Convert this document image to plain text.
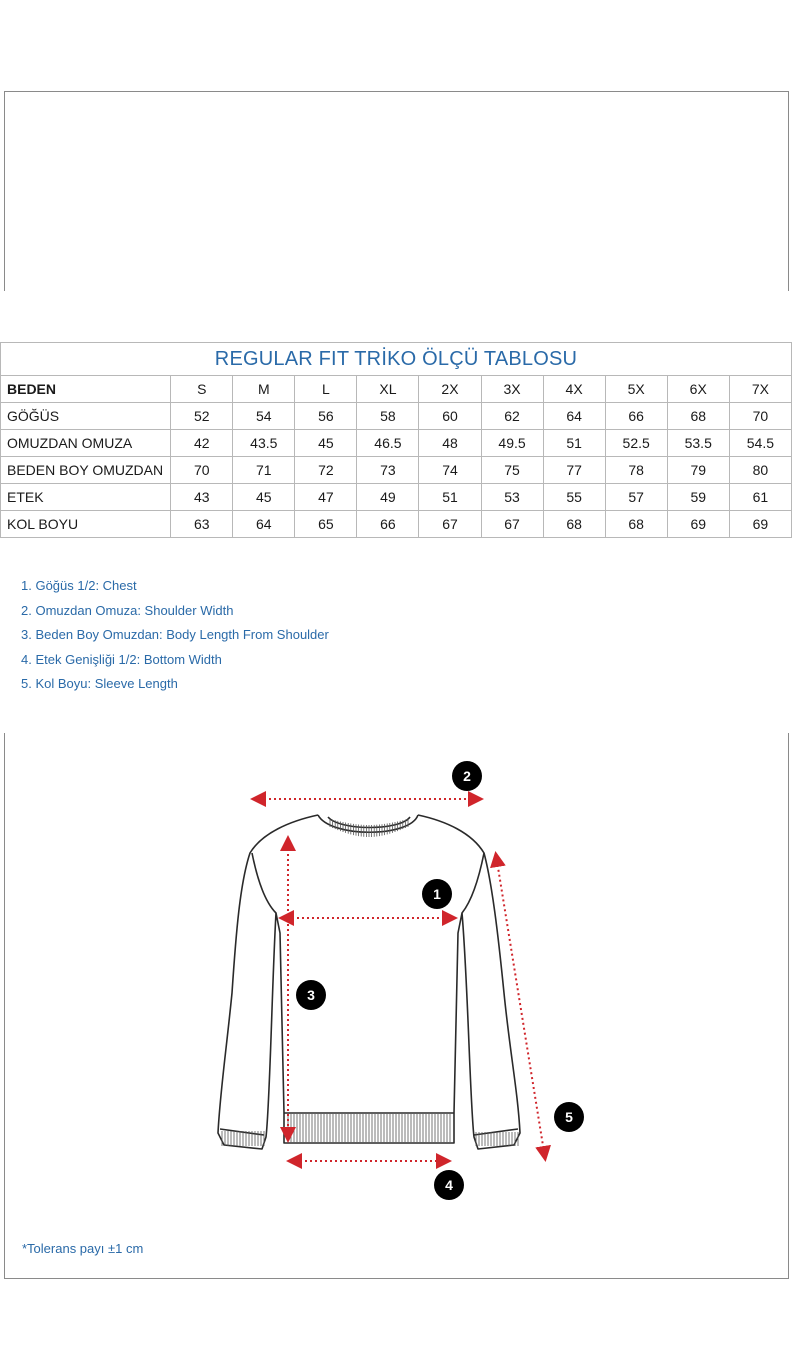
REGULAR FIT TRİKO ÖLÇÜ TABLOSU										
BEDEN	S	M	L	XL	2X	3X	4X	5X	6X	7X
GÖĞÜS	52	54	56	58	60	62	64	66	68	70
OMUZDAN OMUZA	42	43.5	45	46.5	48	49.5	51	52.5	53.5	54.5
BEDEN BOY OMUZDAN	70	71	72	73	74	75	77	78	79	80
ETEK	43	45	47	49	51	53	55	57	59	61
KOL BOYU	63	64	65	66	67	67	68	68	69	69
1. Göğüs 1/2: Chest
2. Omuzdan Omuza: Shoulder Width
3. Beden Boy Omuzdan: Body Length From Shoulder
4. Etek Genişliği 1/2: Bottom Width
5. Kol Boyu: Sleeve Length
1
2
3
4
5
*Tolerans payı ±1 cm
